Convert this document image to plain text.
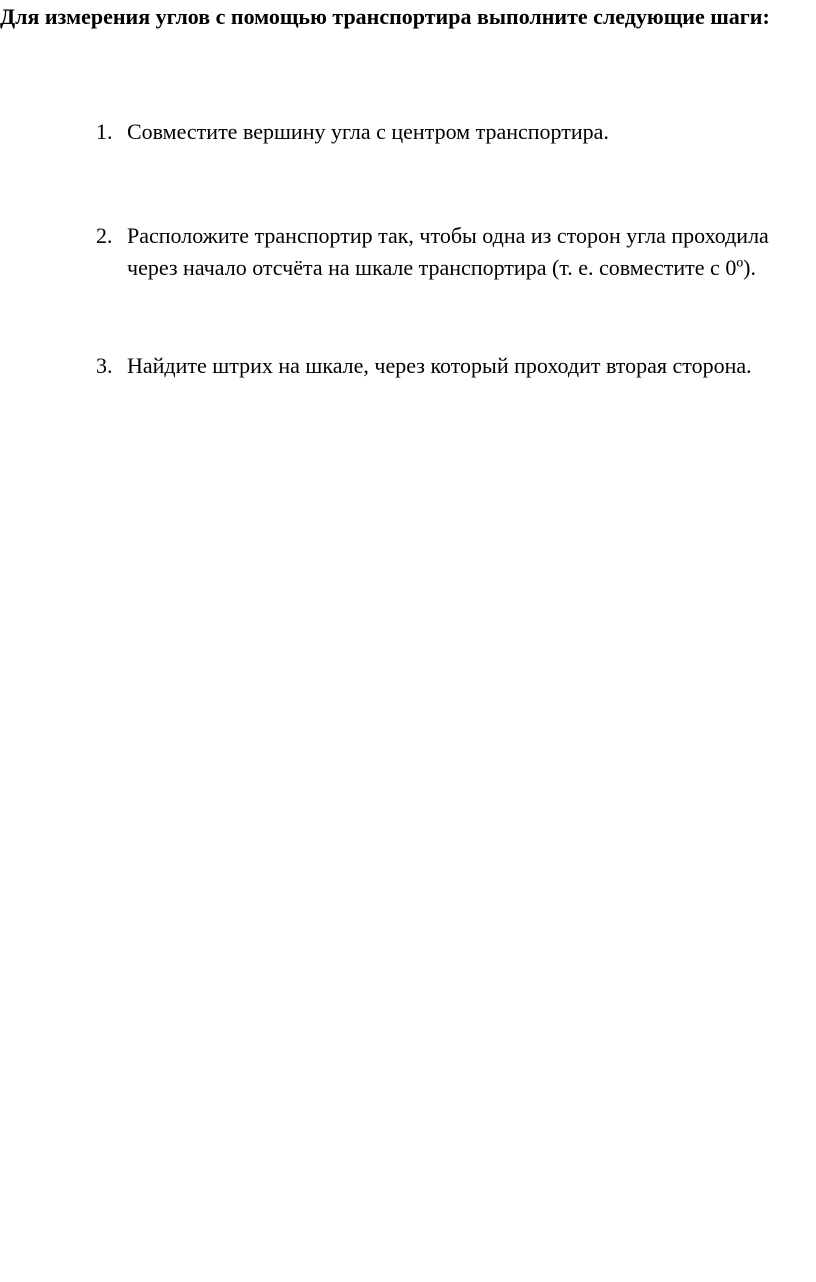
Для измерения углов с помощью транспортира выполните следующие шаги:
1. Совместите вершину угла с центром транспортира.
2. Расположите транспортир так, чтобы одна из сторон угла проходила через начало отсчёта на шкале транспортира (т. е. совместите с 0º).
3. Найдите штрих на шкале, через который проходит вторая сторона.
